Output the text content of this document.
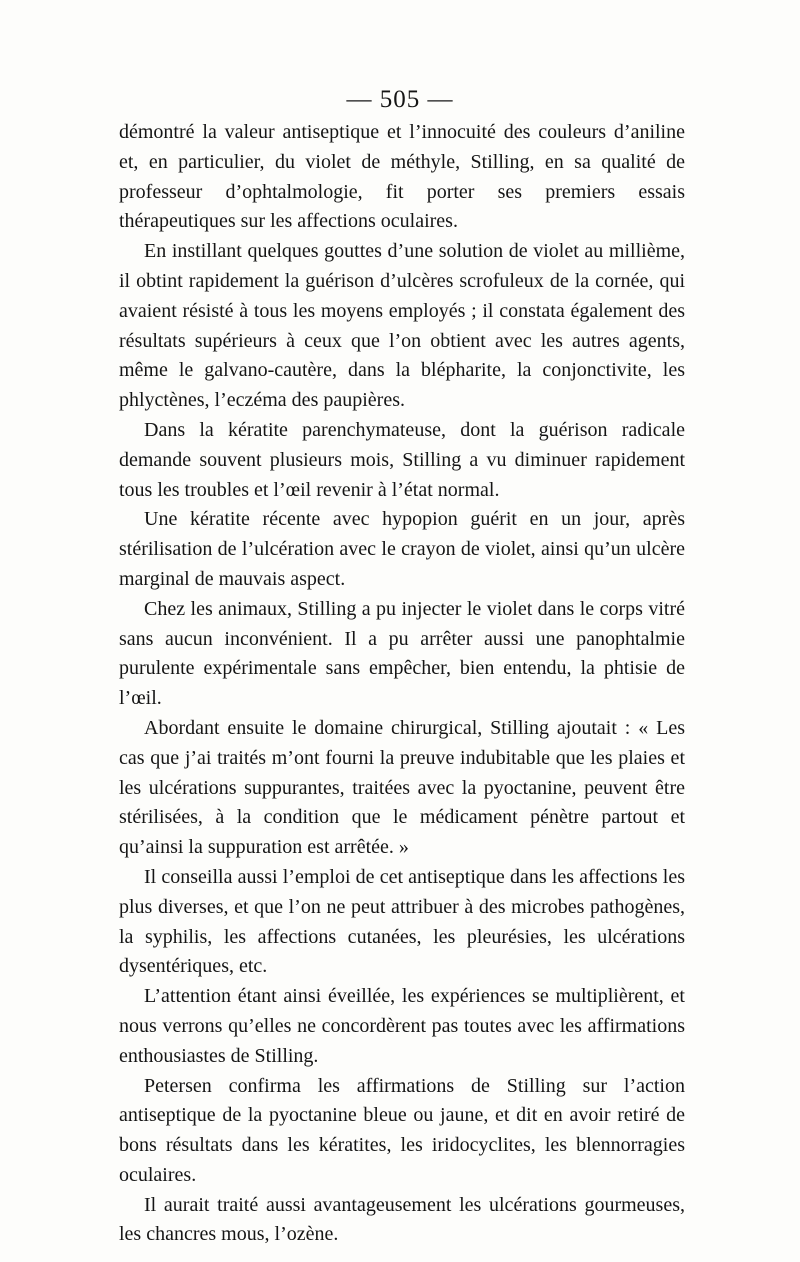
— 505 —

démontré la valeur antiseptique et l’innocuité des couleurs d’aniline et, en particulier, du violet de méthyle, Stilling, en sa qualité de professeur d’ophtalmologie, fit porter ses premiers essais thérapeutiques sur les affections oculaires.

En instillant quelques gouttes d’une solution de violet au millième, il obtint rapidement la guérison d’ulcères scrofuleux de la cornée, qui avaient résisté à tous les moyens employés ; il constata également des résultats supérieurs à ceux que l’on obtient avec les autres agents, même le galvano-cautère, dans la blépharite, la conjonctivite, les phlyctènes, l’eczéma des paupières.

Dans la kératite parenchymateuse, dont la guérison radicale demande souvent plusieurs mois, Stilling a vu diminuer rapidement tous les troubles et l’œil revenir à l’état normal.

Une kératite récente avec hypopion guérit en un jour, après stérilisation de l’ulcération avec le crayon de violet, ainsi qu’un ulcère marginal de mauvais aspect.

Chez les animaux, Stilling a pu injecter le violet dans le corps vitré sans aucun inconvénient. Il a pu arrêter aussi une panophtalmie purulente expérimentale sans empêcher, bien entendu, la phtisie de l’œil.

Abordant ensuite le domaine chirurgical, Stilling ajoutait : « Les cas que j’ai traités m’ont fourni la preuve indubitable que les plaies et les ulcérations suppurantes, traitées avec la pyoctanine, peuvent être stérilisées, à la condition que le médicament pénètre partout et qu’ainsi la suppuration est arrêtée. »

Il conseilla aussi l’emploi de cet antiseptique dans les affections les plus diverses, et que l’on ne peut attribuer à des microbes pathogènes, la syphilis, les affections cutanées, les pleurésies, les ulcérations dysentériques, etc.

L’attention étant ainsi éveillée, les expériences se multiplièrent, et nous verrons qu’elles ne concordèrent pas toutes avec les affirmations enthousiastes de Stilling.

Petersen confirma les affirmations de Stilling sur l’action antiseptique de la pyoctanine bleue ou jaune, et dit en avoir retiré de bons résultats dans les kératites, les iridocyclites, les blennorragies oculaires.

Il aurait traité aussi avantageusement les ulcérations gourmeuses, les chancres mous, l’ozène.
